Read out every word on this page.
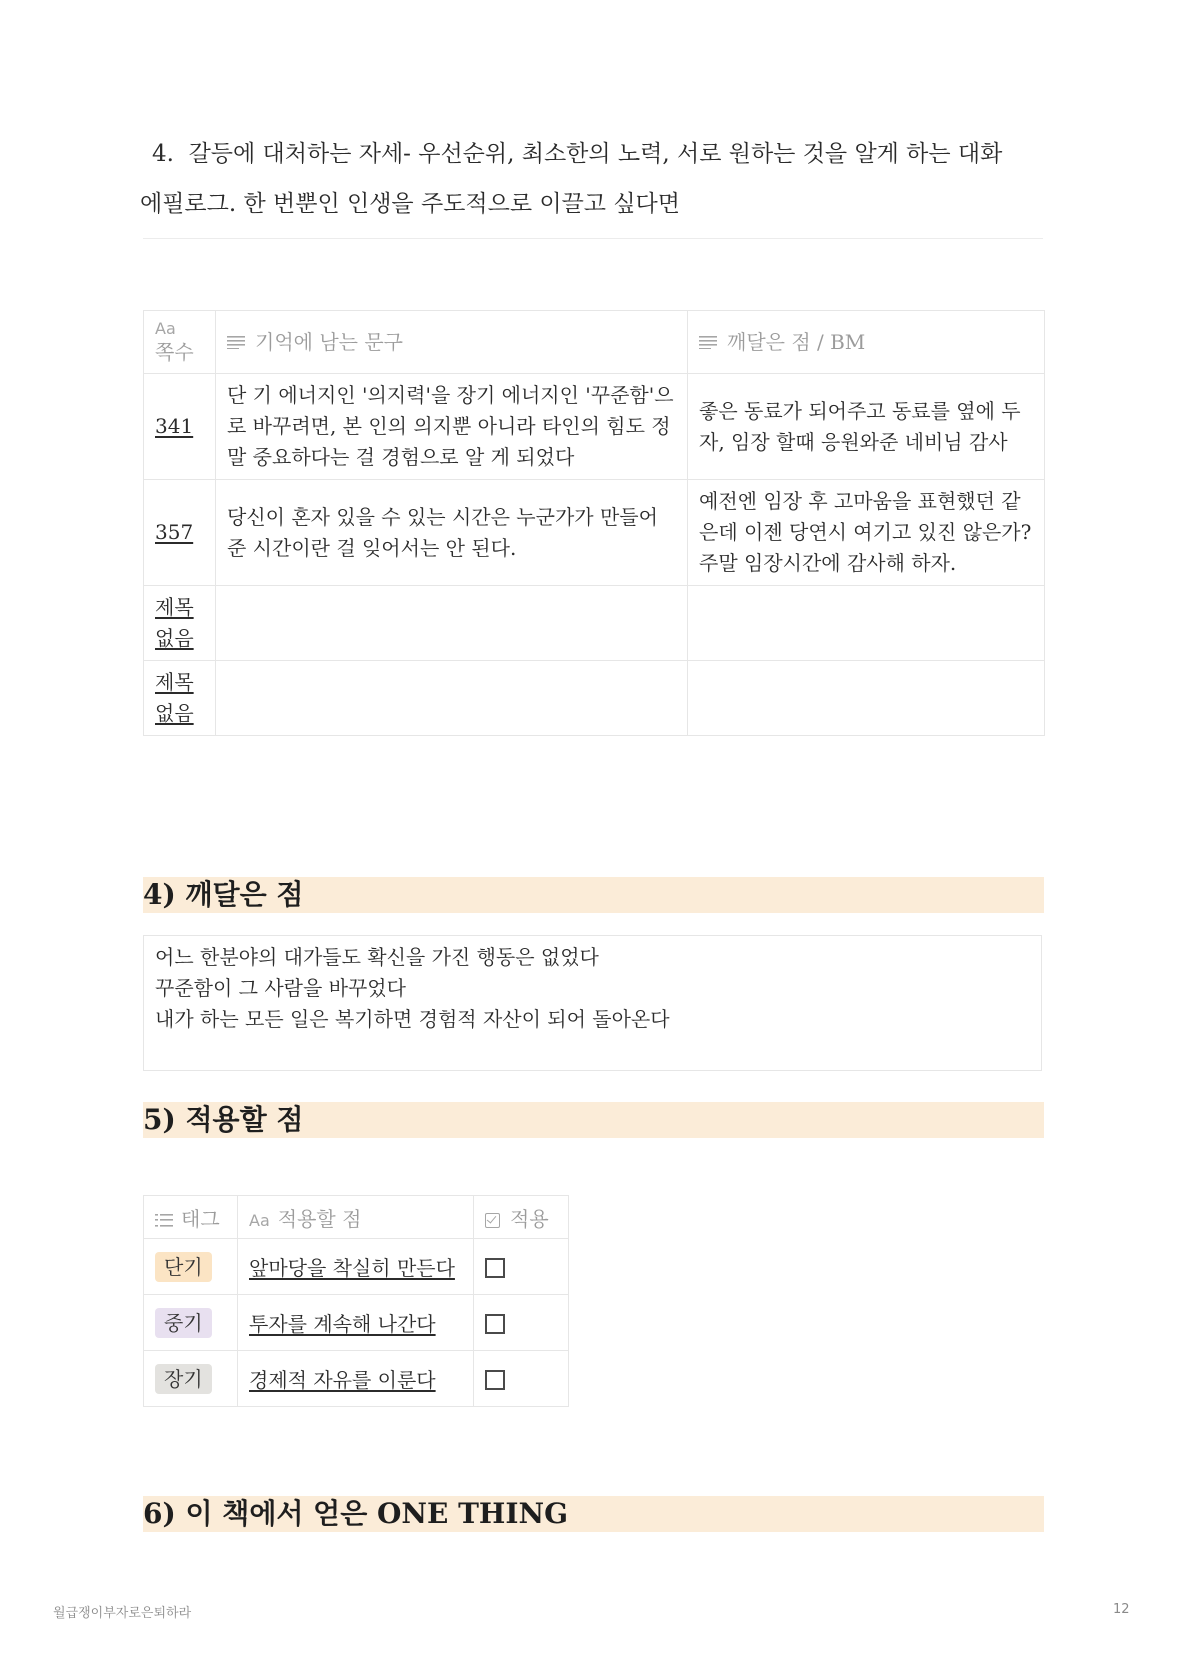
4. 갈등에 대처하는 자세- 우선순위, 최소한의 노력, 서로 원하는 것을 알게 하는 대화
에필로그. 한 번뿐인 인생을 주도적으로 이끌고 싶다면
Aa
쪽수	기억에 남는 문구	깨달은 점 / BM

341	단 기 에너지인 '의지력'을 장기 에너지인 '꾸준함'으로 바꾸려면, 본 인의 의지뿐 아니라 타인의 힘도 정말 중요하다는 걸 경험으로 알 게 되었다	좋은 동료가 되어주고 동료를 옆에 두자, 임장 할때 응원와준 네비님 감사
357	당신이 혼자 있을 수 있는 시간은 누군가가 만들어 준 시간이란 걸 잊어서는 안 된다.	예전엔 임장 후 고마움을 표현했던 같은데 이젠 당연시 여기고 있진 않은가? 주말 임장시간에 감사해 하자.
제목 없음		
제목 없음		
4) 깨달은 점
어느 한분야의 대가들도 확신을 가진 행동은 없었다
꾸준함이 그 사람을 바꾸었다
내가 하는 모든 일은 복기하면 경험적 자산이 되어 돌아온다
5) 적용할 점
태그	Aa 적용할 점	적용
단기	앞마당을 착실히 만든다	
중기	투자를 계속해 나간다	
장기	경제적 자유를 이룬다	
6) 이 책에서 얻은 ONE THING
월급쟁이부자로은퇴하라	12
